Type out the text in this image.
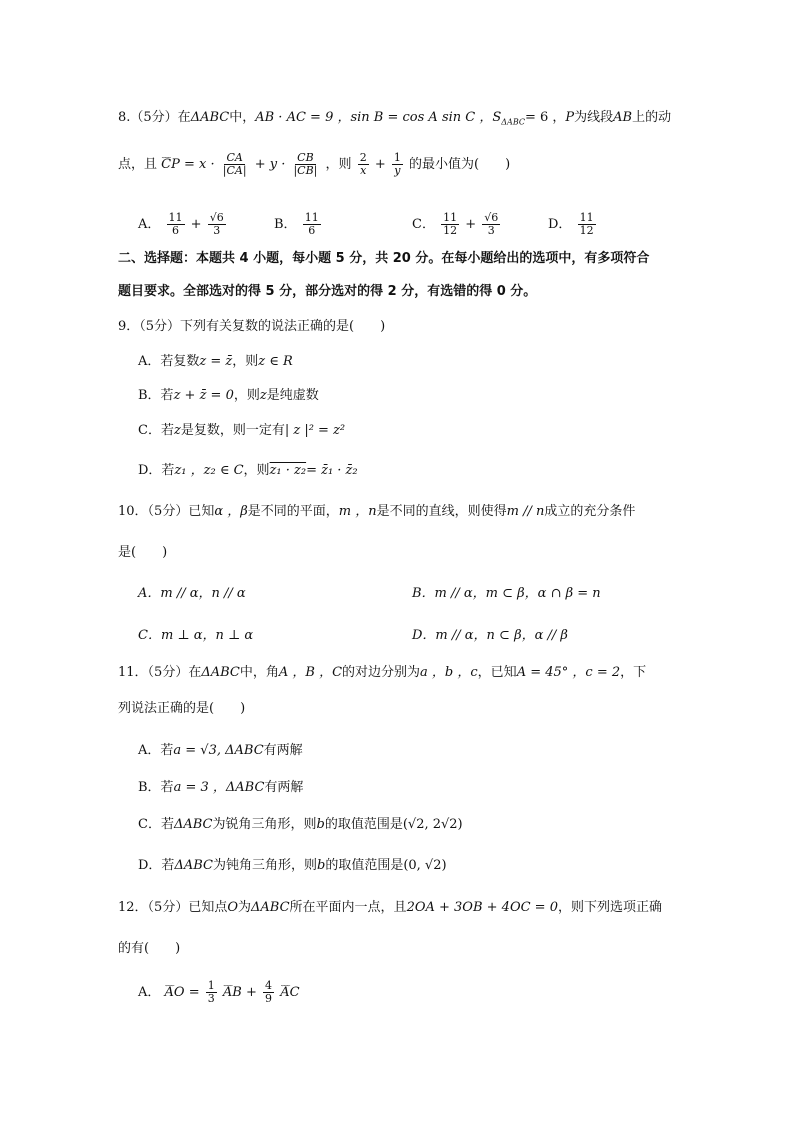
8.（5分）在ΔABC中，AB · AC = 9 ，sin B = cos A sin C ，$S_{\Delta ABC}= 6$ ，P为线段AB上的动
点，且 ⌣⌣⌣ CP = $x \cdot \frac{CA}{|CA|} + y \cdot \frac{CB}{|CB|}$ ，则 $\frac{2}{x} + \frac{1}{y}$ 的最小值为(　　)
A． $\frac{11}{6} + \frac{√6}{3}$	B． $\frac{11}{6}$	C． $\frac{11}{12} + \frac{√6}{3}$	D． $\frac{11}{12}$
二、选择题：本题共 4 小题，每小题 5 分，共 20 分。在每小题给出的选项中，有多项符合
题目要求。全部选对的得 5 分，部分选对的得 2 分，有选错的得 0 分。
9．（5分）下列有关复数的说法正确的是(　　)
A．若复数z = z̄，则z ∈ R
B．若z + z̄ = 0，则z是纯虚数
C．若z是复数，则一定有| z |² = z²
D．若z₁ ，z₂ ∈ C，则z₁ · z₂= z̄₁ · z̄₂
10．（5分）已知α ，β是不同的平面，m ，n是不同的直线，则使得m // n成立的充分条件
是(　　)
A．m // α，n // α	B．m // α，m ⊂ β，α ∩ β = n
C．m ⊥ α，n ⊥ α	D．m // α，n ⊂ β，α // β
11．（5分）在ΔABC中，角A ，B ，C的对边分别为a ，b ，c，已知A = 45° ，c = 2，下
列说法正确的是(　　)
A．若a = √3, ΔABC有两解
B．若a = 3 ，ΔABC有两解
C．若ΔABC为锐角三角形，则b的取值范围是(√2, 2√2)
D．若ΔABC为钝角三角形，则b的取值范围是(0, √2)
12．（5分）已知点O为ΔABC所在平面内一点，且2OA + 3OB + 4OC = 0，则下列选项正确
的有(　　)
A． ⌣⌣⌣ AO = $\frac{1}{3}$ ⌣⌣⌣ AB + $\frac{4}{9}$ ⌣⌣⌣ AC
